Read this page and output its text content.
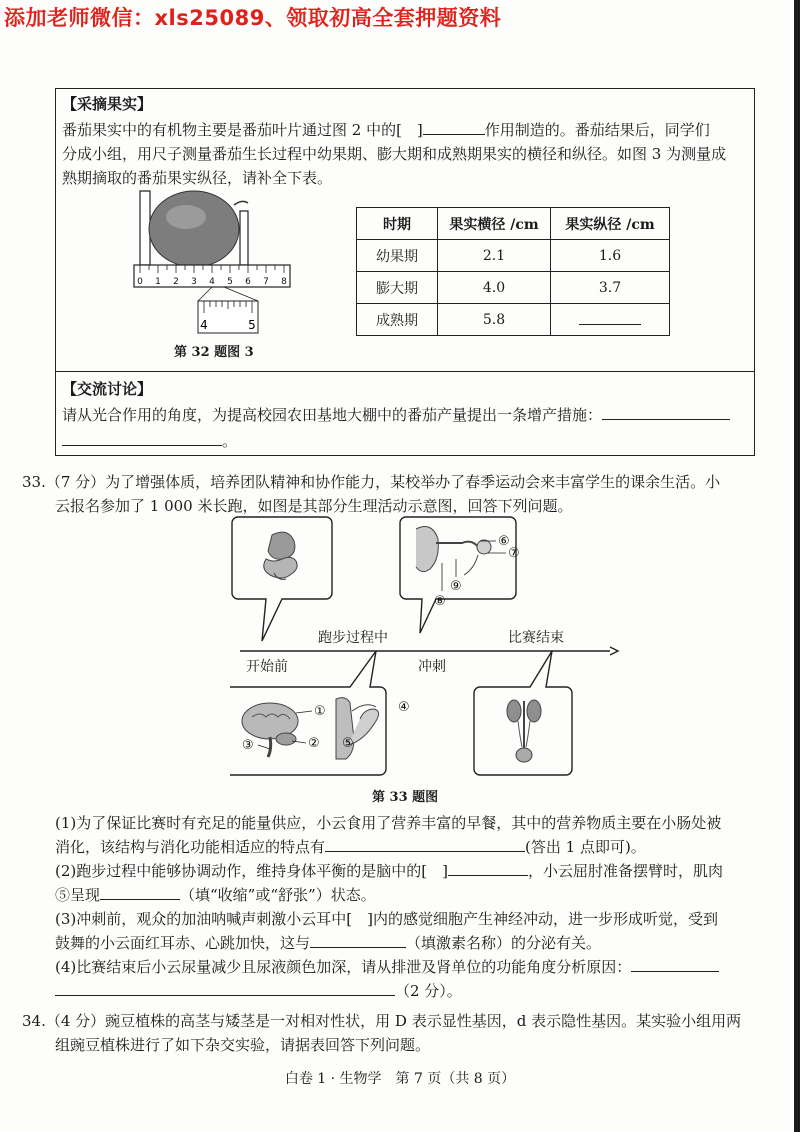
添加老师微信：xls25089、领取初高全套押题资料
【采摘果实】
番茄果实中的有机物主要是番茄叶片通过图 2 中的[　]	作用制造的。番茄结果后，同学们
分成小组，用尺子测量番茄生长过程中幼果期、膨大期和成熟期果实的横径和纵径。如图 3 为测量成
熟期摘取的番茄果实纵径，请补全下表。
0 1 2 3 4 5 6 7 8
4	5
第 32 题图 3
时期	果实横径 /cm	果实纵径 /cm
幼果期	2.1	1.6
膨大期	4.0	3.7
成熟期	5.8	
【交流讨论】
请从光合作用的角度，为提高校园农田基地大棚中的番茄产量提出一条增产措施：
。
33.（7 分）为了增强体质，培养团队精神和协作能力，某校举办了春季运动会来丰富学生的课余生活。小
云报名参加了 1 000 米长跑，如图是其部分生理活动示意图，回答下列问题。
⑥
⑦
⑨
⑧
①
②
③
④
⑤
开始前
跑步过程中
冲刺
比赛结束
第 33 题图
(1)为了保证比赛时有充足的能量供应，小云食用了营养丰富的早餐，其中的营养物质主要在小肠处被
消化，该结构与消化功能相适应的特点有	(答出 1 点即可)。
(2)跑步过程中能够协调动作，维持身体平衡的是脑中的[　]	，小云屈肘准备摆臂时，肌肉
⑤呈现	（填“收缩”或“舒张”）状态。
(3)冲刺前，观众的加油呐喊声刺激小云耳中[　]内的感觉细胞产生神经冲动，进一步形成听觉，受到
鼓舞的小云面红耳赤、心跳加快，这与	（填激素名称）的分泌有关。
(4)比赛结束后小云尿量减少且尿液颜色加深，请从排泄及肾单位的功能角度分析原因：
（2 分）。
34.（4 分）豌豆植株的高茎与矮茎是一对相对性状，用 D 表示显性基因，d 表示隐性基因。某实验小组用两
组豌豆植株进行了如下杂交实验，请据表回答下列问题。
白卷 1 · 生物学　第 7 页（共 8 页）
